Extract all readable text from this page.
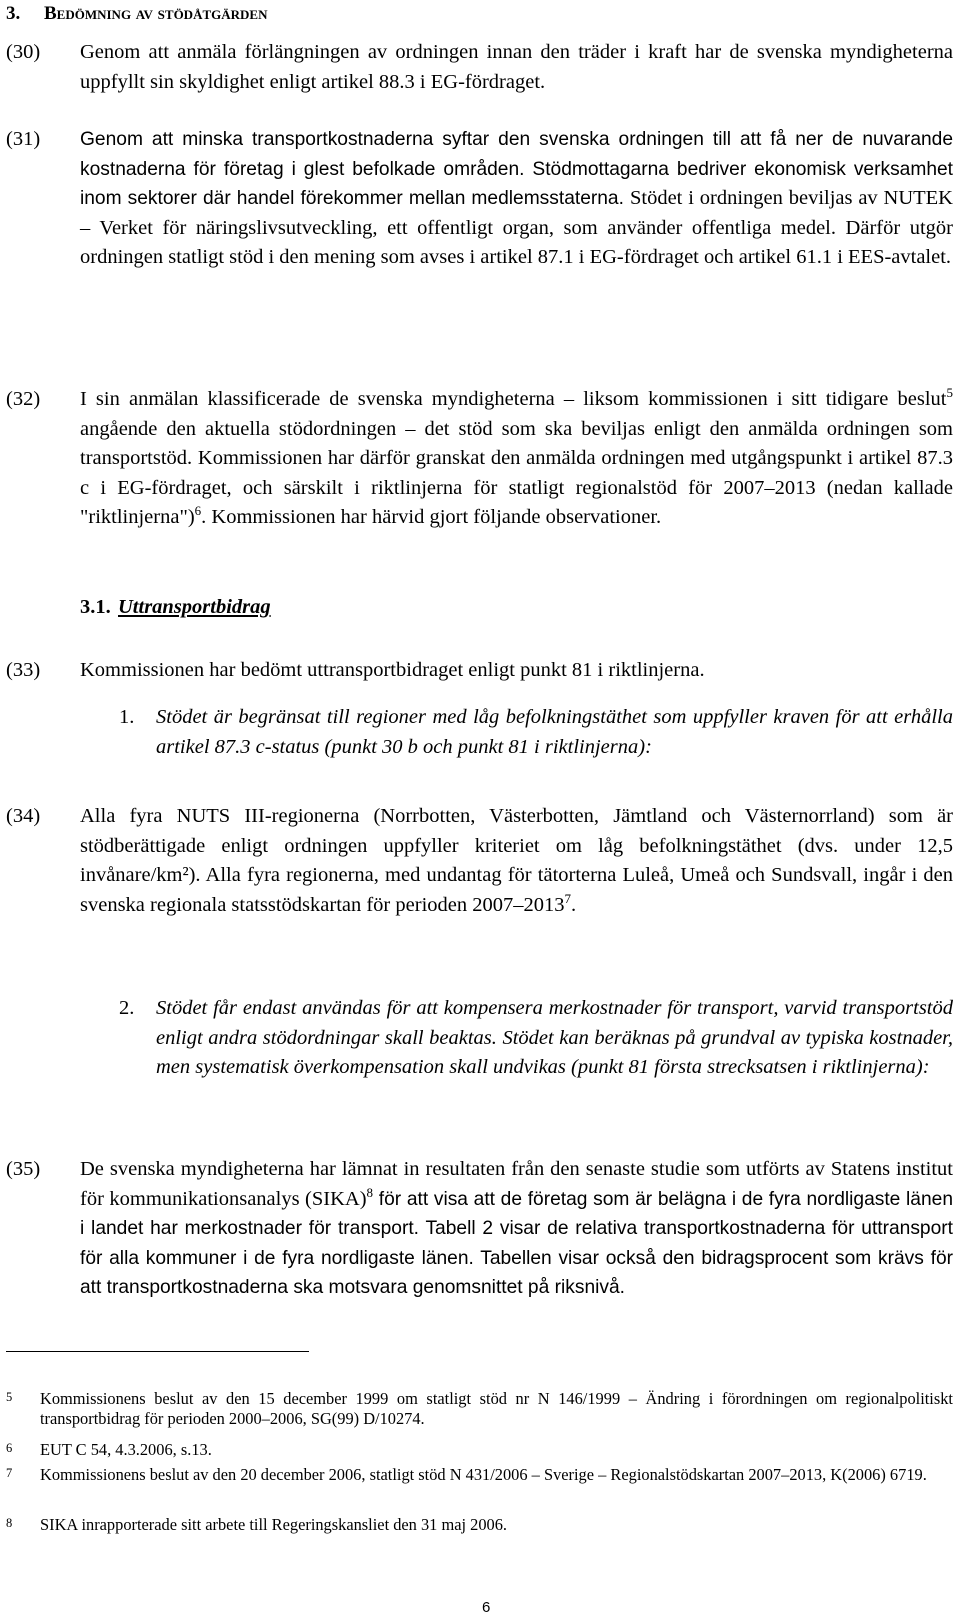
3. Bedömning av stödåtgärden
(30) Genom att anmäla förlängningen av ordningen innan den träder i kraft har de svenska myndigheterna uppfyllt sin skyldighet enligt artikel 88.3 i EG-fördraget.
(31) Genom att minska transportkostnaderna syftar den svenska ordningen till att få ner de nuvarande kostnaderna för företag i glest befolkade områden. Stödmottagarna bedriver ekonomisk verksamhet inom sektorer där handel förekommer mellan medlemsstaterna. Stödet i ordningen beviljas av NUTEK – Verket för näringslivsutveckling, ett offentligt organ, som använder offentliga medel. Därför utgör ordningen statligt stöd i den mening som avses i artikel 87.1 i EG-fördraget och artikel 61.1 i EES-avtalet.
(32) I sin anmälan klassificerade de svenska myndigheterna – liksom kommissionen i sitt tidigare beslut$^5$ angående den aktuella stödordningen – det stöd som ska beviljas enligt den anmälda ordningen som transportstöd. Kommissionen har därför granskat den anmälda ordningen med utgångspunkt i artikel 87.3 c i EG-fördraget, och särskilt i riktlinjerna för statligt regionalstöd för 2007–2013 (nedan kallade "riktlinjerna")$^6$. Kommissionen har härvid gjort följande observationer.
3.1. Uttransportbidrag
(33) Kommissionen har bedömt uttransportbidraget enligt punkt 81 i riktlinjerna.
1. Stödet är begränsat till regioner med låg befolkningstäthet som uppfyller kraven för att erhålla artikel 87.3 c-status (punkt 30 b och punkt 81 i riktlinjerna):
(34) Alla fyra NUTS III-regionerna (Norrbotten, Västerbotten, Jämtland och Västernorrland) som är stödberättigade enligt ordningen uppfyller kriteriet om låg befolkningstäthet (dvs. under 12,5 invånare/km²). Alla fyra regionerna, med undantag för tätorterna Luleå, Umeå och Sundsvall, ingår i den svenska regionala statsstödskartan för perioden 2007–2013$^7$.
2. Stödet får endast användas för att kompensera merkostnader för transport, varvid transportstöd enligt andra stödordningar skall beaktas. Stödet kan beräknas på grundval av typiska kostnader, men systematisk överkompensation skall undvikas (punkt 81 första strecksatsen i riktlinjerna):
(35) De svenska myndigheterna har lämnat in resultaten från den senaste studie som utförts av Statens institut för kommunikationsanalys (SIKA)$^8$ för att visa att de företag som är belägna i de fyra nordligaste länen i landet har merkostnader för transport. Tabell 2 visar de relativa transportkostnaderna för uttransport för alla kommuner i de fyra nordligaste länen. Tabellen visar också den bidragsprocent som krävs för att transportkostnaderna ska motsvara genomsnittet på riksnivå.
5 Kommissionens beslut av den 15 december 1999 om statligt stöd nr N 146/1999 – Ändring i förordningen om regionalpolitiskt transportbidrag för perioden 2000–2006, SG(99) D/10274.
6 EUT C 54, 4.3.2006, s.13.
7 Kommissionens beslut av den 20 december 2006, statligt stöd N 431/2006 – Sverige – Regionalstödskartan 2007–2013, K(2006) 6719.
8 SIKA inrapporterade sitt arbete till Regeringskansliet den 31 maj 2006.
6
